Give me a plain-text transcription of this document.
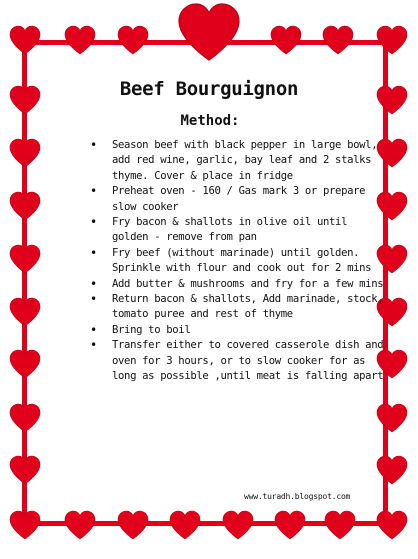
Beef Bourguignon
Method:
• Season beef with black pepper in large bowl, add red wine, garlic, bay leaf and 2 stalks thyme. Cover & place in fridge
• Preheat oven - 160 / Gas mark 3 or prepare slow cooker
• Fry bacon & shallots in olive oil until golden - remove from pan
• Fry beef (without marinade) until golden. Sprinkle with flour and cook out for 2 mins
• Add butter & mushrooms and fry for a few mins
• Return bacon & shallots, Add marinade, stock, tomato puree and rest of thyme
• Bring to boil
• Transfer either to covered casserole dish and oven for 3 hours, or to slow cooker for as long as possible ,until meat is falling apart
www.turadh.blogspot.com
